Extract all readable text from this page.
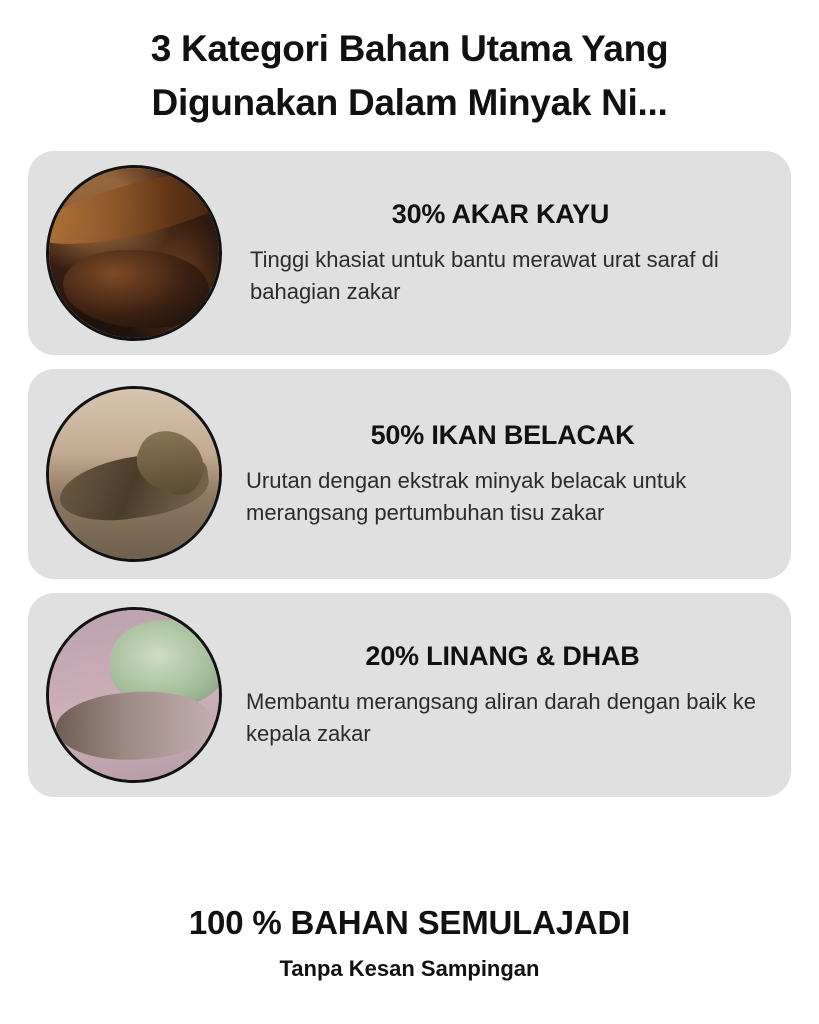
3 Kategori Bahan Utama Yang
Digunakan Dalam Minyak Ni...
30% AKAR KAYU
Tinggi khasiat untuk bantu merawat urat saraf di bahagian zakar
50% IKAN BELACAK
Urutan dengan ekstrak minyak belacak untuk merangsang pertumbuhan tisu zakar
20% LINANG & DHAB
Membantu merangsang aliran darah dengan baik ke kepala zakar
100 % BAHAN SEMULAJADI
Tanpa Kesan Sampingan
